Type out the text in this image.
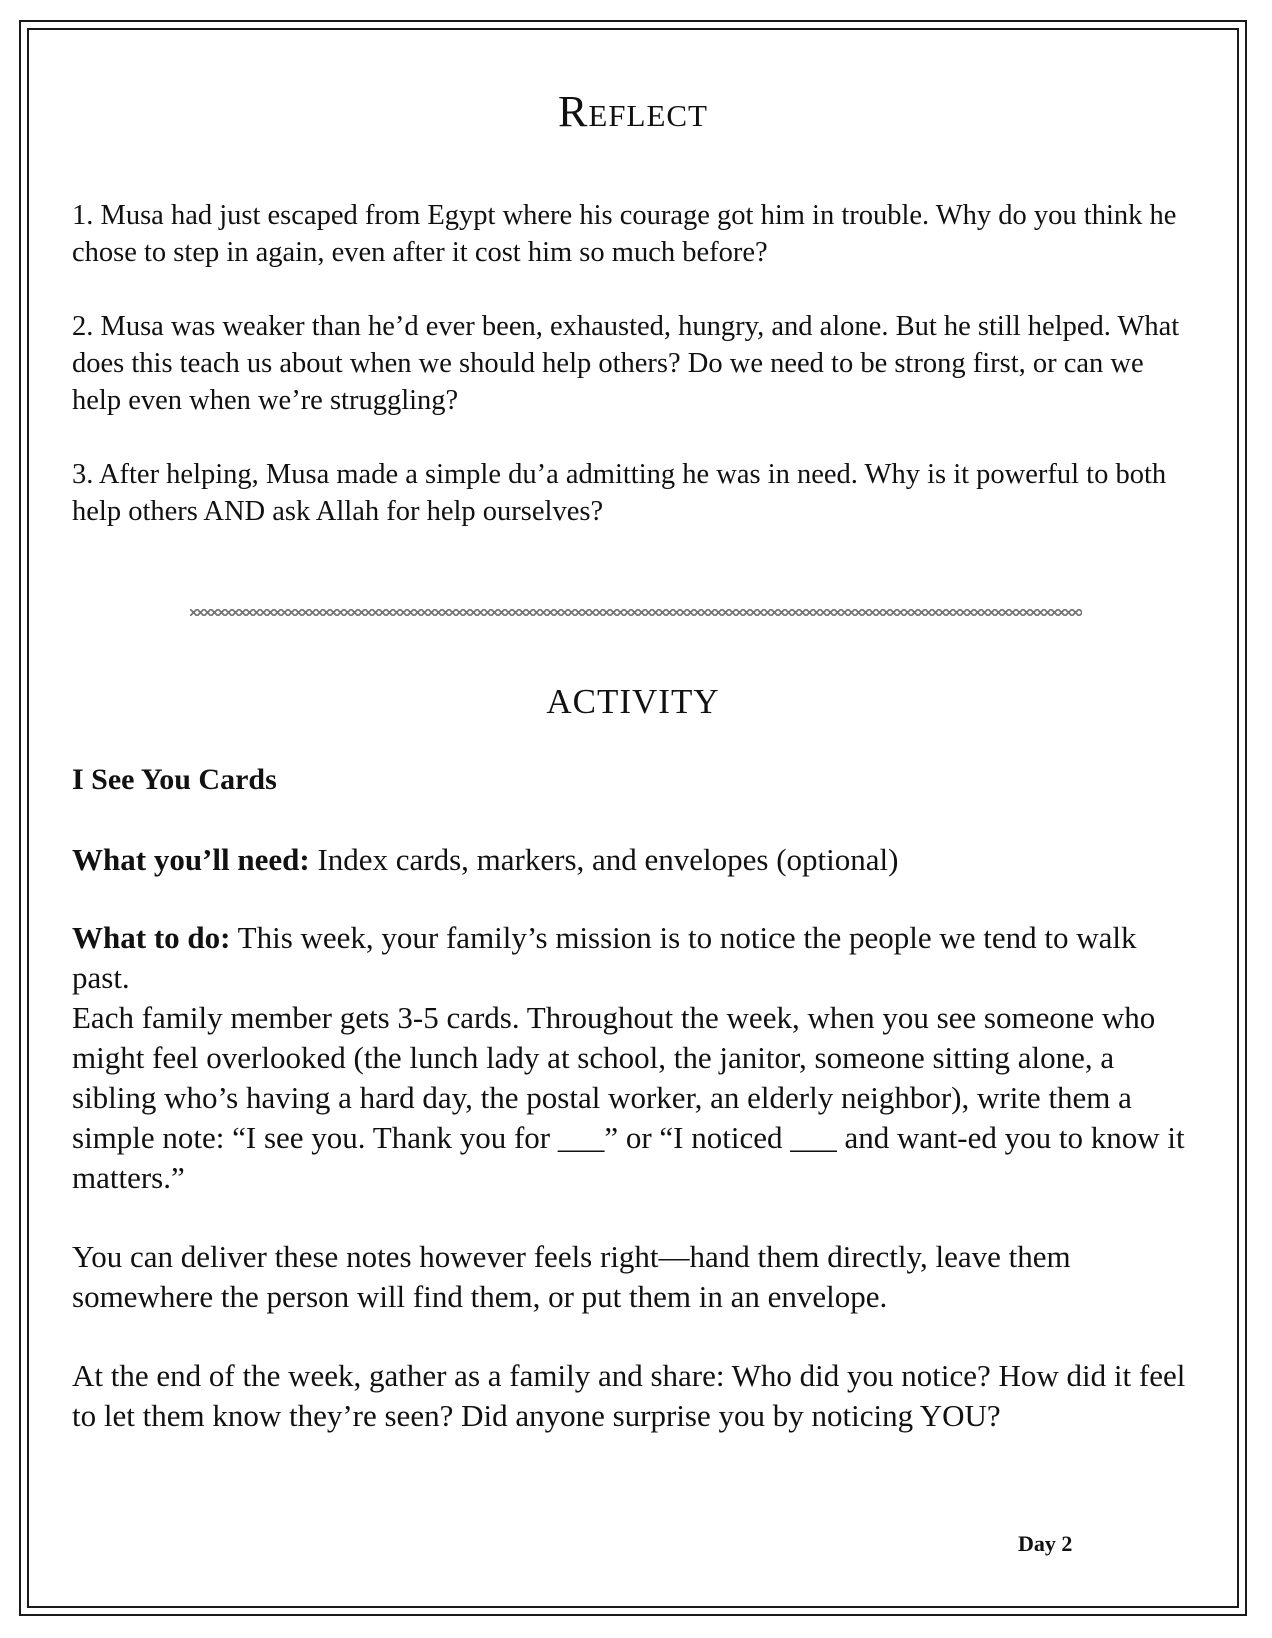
Reflect

1. Musa had just escaped from Egypt where his courage got him in trouble. Why do you think he chose to step in again, even after it cost him so much before?

2. Musa was weaker than he’d ever been, exhausted, hungry, and alone. But he still helped. What does this teach us about when we should help others? Do we need to be strong first, or can we help even when we’re struggling?

3. After helping, Musa made a simple du’a admitting he was in need. Why is it powerful to both help others AND ask Allah for help ourselves?

ACTIVITY

I See You Cards

What you’ll need: Index cards, markers, and envelopes (optional)

What to do: This week, your family’s mission is to notice the people we tend to walk past.
Each family member gets 3-5 cards. Throughout the week, when you see someone who might feel overlooked (the lunch lady at school, the janitor, someone sitting alone, a sibling who’s having a hard day, the postal worker, an elderly neighbor), write them a simple note: “I see you. Thank you for ___” or “I noticed ___ and want-ed you to know it matters.”

You can deliver these notes however feels right—hand them directly, leave them somewhere the person will find them, or put them in an envelope.

At the end of the week, gather as a family and share: Who did you notice? How did it feel to let them know they’re seen? Did anyone surprise you by noticing YOU?

Day 2
